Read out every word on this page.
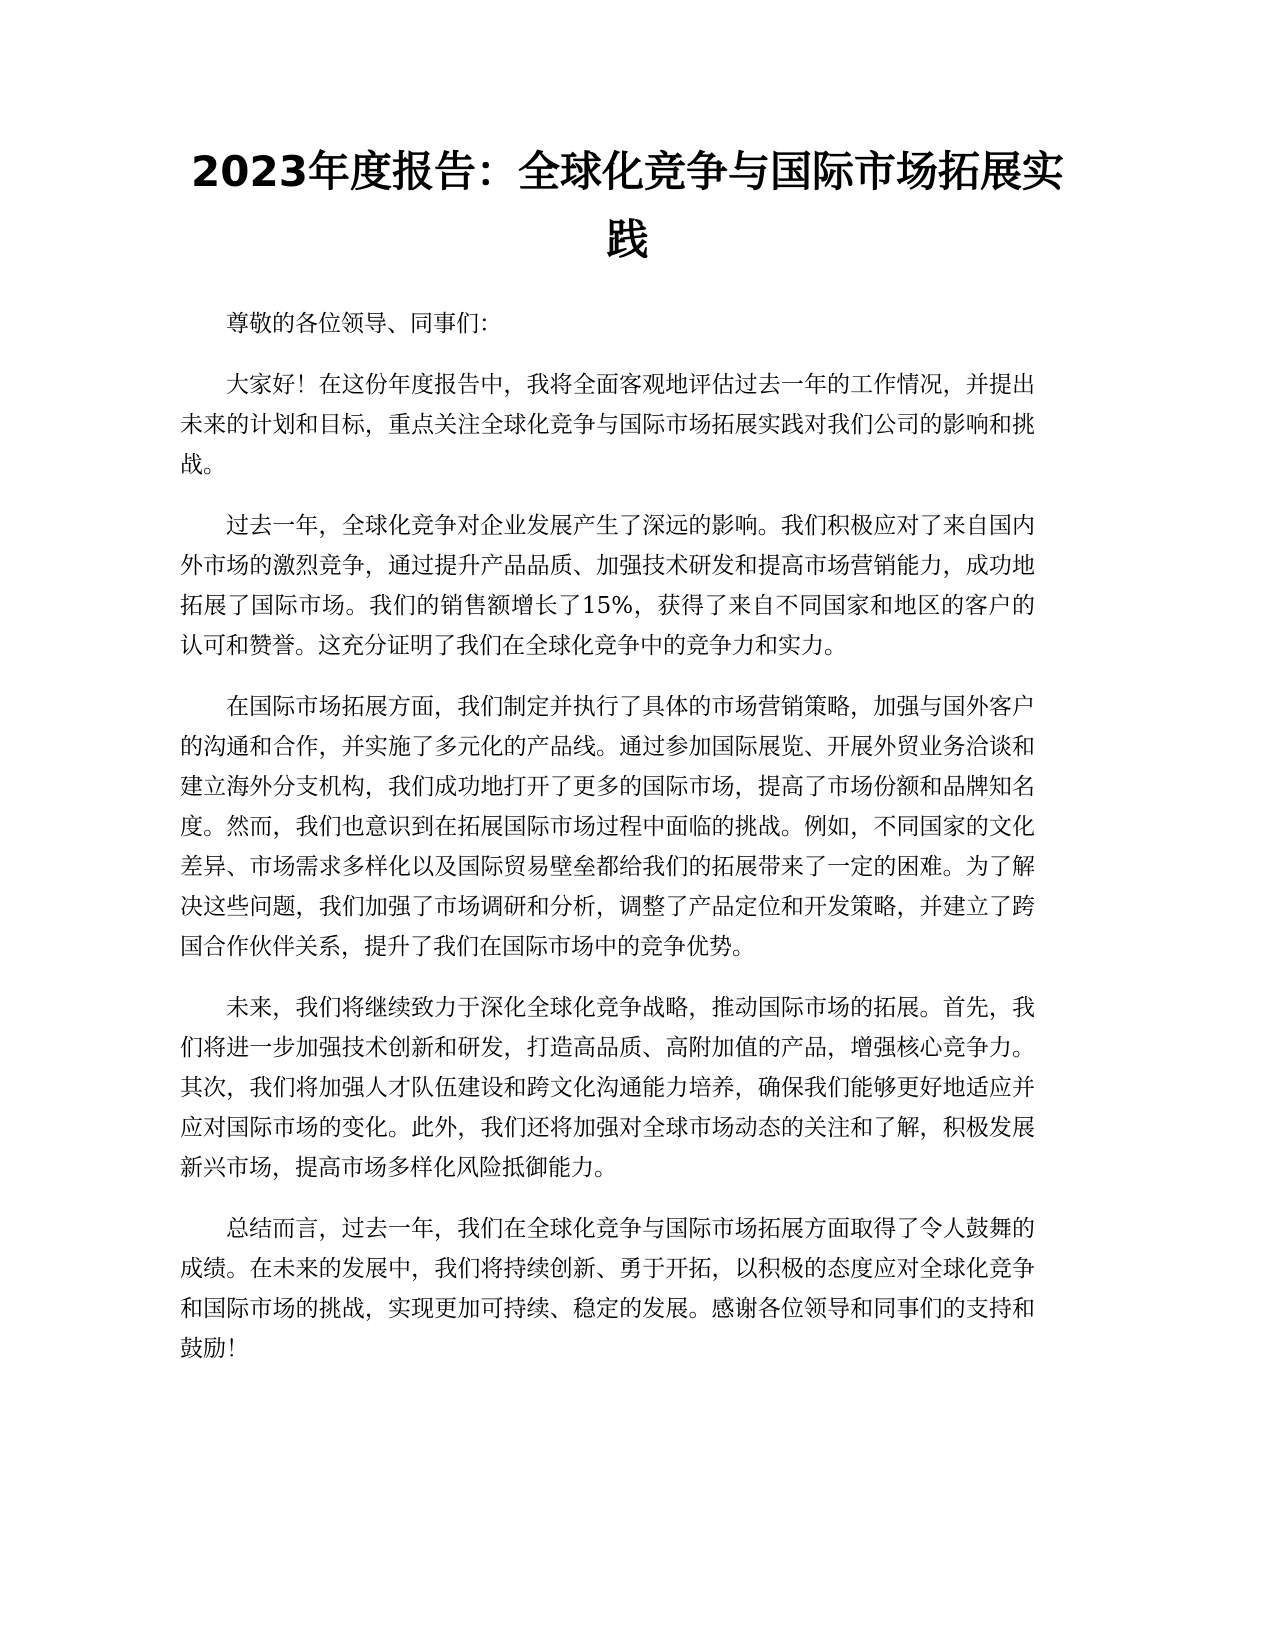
2023年度报告：全球化竞争与国际市场拓展实践

尊敬的各位领导、同事们：

大家好！在这份年度报告中，我将全面客观地评估过去一年的工作情况，并提出未来的计划和目标，重点关注全球化竞争与国际市场拓展实践对我们公司的影响和挑战。

过去一年，全球化竞争对企业发展产生了深远的影响。我们积极应对了来自国内外市场的激烈竞争，通过提升产品品质、加强技术研发和提高市场营销能力，成功地拓展了国际市场。我们的销售额增长了15%，获得了来自不同国家和地区的客户的认可和赞誉。这充分证明了我们在全球化竞争中的竞争力和实力。

在国际市场拓展方面，我们制定并执行了具体的市场营销策略，加强与国外客户的沟通和合作，并实施了多元化的产品线。通过参加国际展览、开展外贸业务洽谈和建立海外分支机构，我们成功地打开了更多的国际市场，提高了市场份额和品牌知名度。然而，我们也意识到在拓展国际市场过程中面临的挑战。例如，不同国家的文化差异、市场需求多样化以及国际贸易壁垒都给我们的拓展带来了一定的困难。为了解决这些问题，我们加强了市场调研和分析，调整了产品定位和开发策略，并建立了跨国合作伙伴关系，提升了我们在国际市场中的竞争优势。

未来，我们将继续致力于深化全球化竞争战略，推动国际市场的拓展。首先，我们将进一步加强技术创新和研发，打造高品质、高附加值的产品，增强核心竞争力。其次，我们将加强人才队伍建设和跨文化沟通能力培养，确保我们能够更好地适应并应对国际市场的变化。此外，我们还将加强对全球市场动态的关注和了解，积极发展新兴市场，提高市场多样化风险抵御能力。

总结而言，过去一年，我们在全球化竞争与国际市场拓展方面取得了令人鼓舞的成绩。在未来的发展中，我们将持续创新、勇于开拓，以积极的态度应对全球化竞争和国际市场的挑战，实现更加可持续、稳定的发展。感谢各位领导和同事们的支持和鼓励！
